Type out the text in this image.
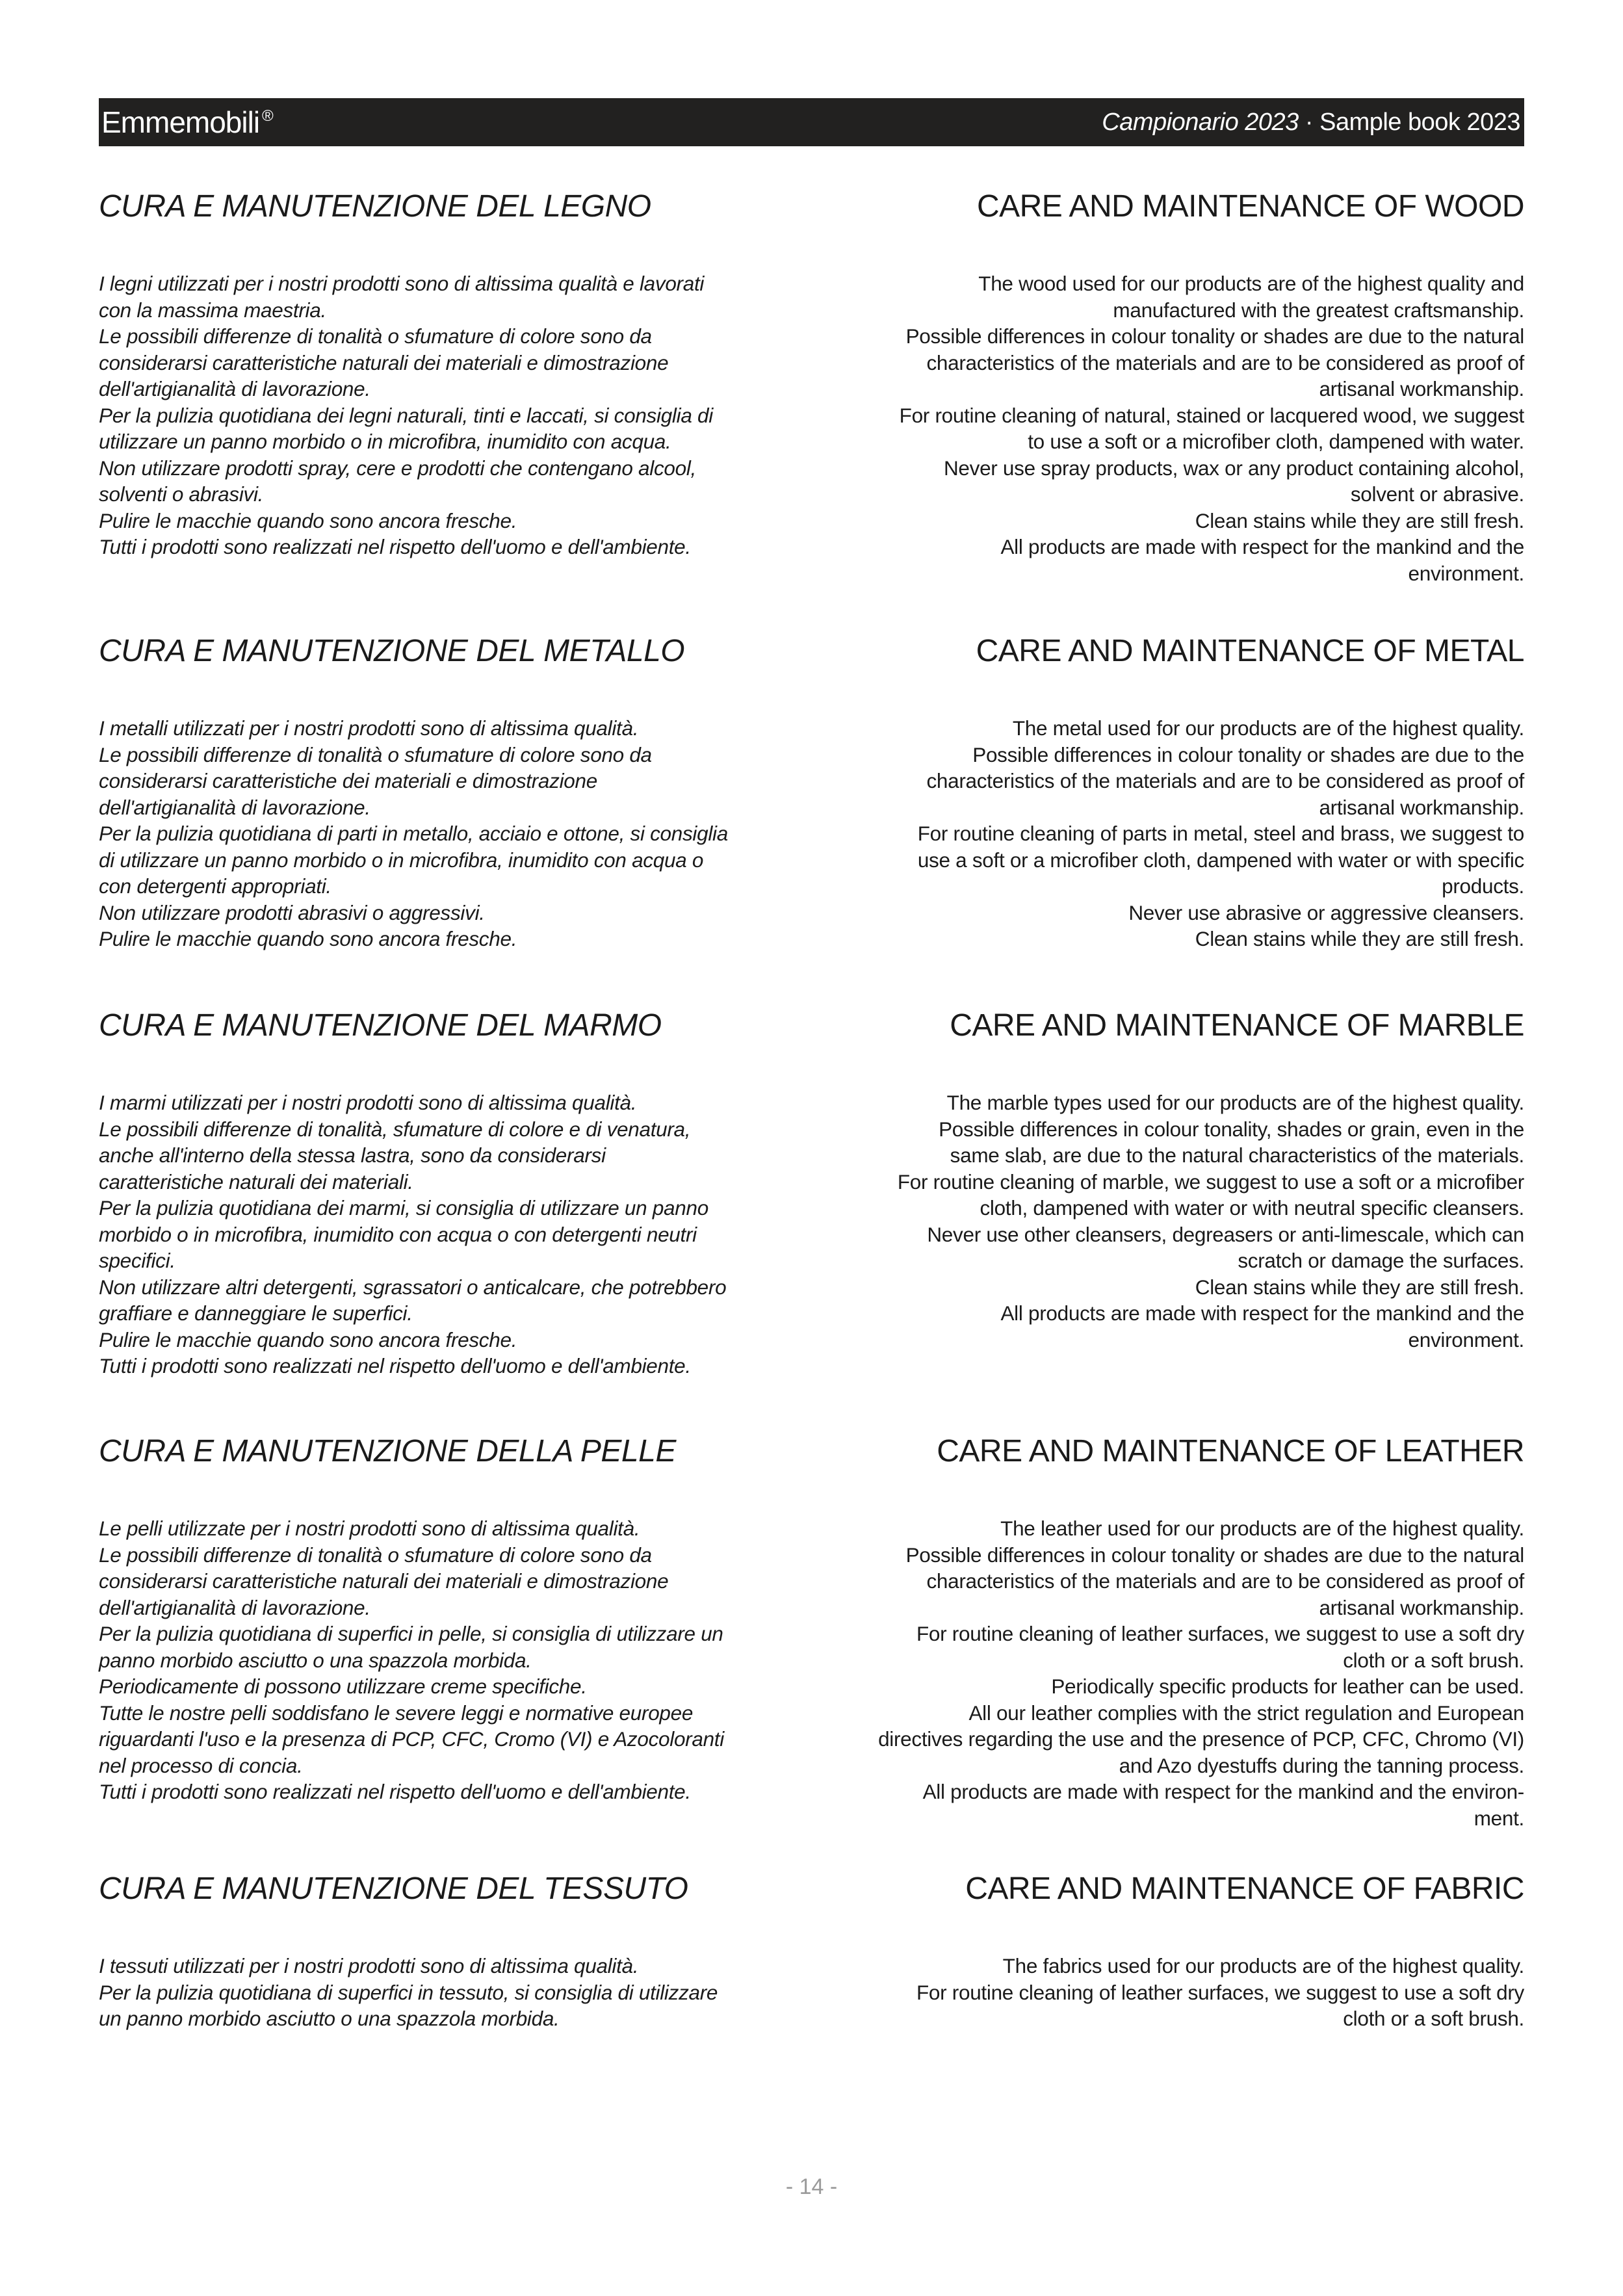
Emmemobili ®	Campionario 2023 · Sample book 2023
CURA E MANUTENZIONE DEL LEGNO	CARE AND MAINTENANCE OF WOOD
I legni utilizzati per i nostri prodotti sono di altissima qualità e lavorati
con la massima maestria.
Le possibili differenze di tonalità o sfumature di colore sono da
considerarsi caratteristiche naturali dei materiali e dimostrazione
dell'artigianalità di lavorazione.
Per la pulizia quotidiana dei legni naturali, tinti e laccati, si consiglia di
utilizzare un panno morbido o in microfibra, inumidito con acqua.
Non utilizzare prodotti spray, cere e prodotti che contengano alcool,
solventi o abrasivi.
Pulire le macchie quando sono ancora fresche.
Tutti i prodotti sono realizzati nel rispetto dell'uomo e dell'ambiente.
The wood used for our products are of the highest quality and
manufactured with the greatest craftsmanship.
Possible differences in colour tonality or shades are due to the natural
characteristics of the materials and are to be considered as proof of
artisanal workmanship.
For routine cleaning of natural, stained or lacquered wood, we suggest
to use a soft or a microfiber cloth, dampened with water.
Never use spray products, wax or any product containing alcohol,
solvent or abrasive.
Clean stains while they are still fresh.
All products are made with respect for the mankind and the
environment.
CURA E MANUTENZIONE DEL METALLO	CARE AND MAINTENANCE OF METAL
I metalli utilizzati per i nostri prodotti sono di altissima qualità.
Le possibili differenze di tonalità o sfumature di colore sono da
considerarsi caratteristiche dei materiali e dimostrazione
dell'artigianalità di lavorazione.
Per la pulizia quotidiana di parti in metallo, acciaio e ottone, si consiglia
di utilizzare un panno morbido o in microfibra, inumidito con acqua o
con detergenti appropriati.
Non utilizzare prodotti abrasivi o aggressivi.
Pulire le macchie quando sono ancora fresche.
The metal used for our products are of the highest quality.
Possible differences in colour tonality or shades are due to the
characteristics of the materials and are to be considered as proof of
artisanal workmanship.
For routine cleaning of parts in metal, steel and brass, we suggest to
use a soft or a microfiber cloth, dampened with water or with specific
products.
Never use abrasive or aggressive cleansers.
Clean stains while they are still fresh.
CURA E MANUTENZIONE DEL MARMO	CARE AND MAINTENANCE OF MARBLE
I marmi utilizzati per i nostri prodotti sono di altissima qualità.
Le possibili differenze di tonalità, sfumature di colore e di venatura,
anche all'interno della stessa lastra, sono da considerarsi
caratteristiche naturali dei materiali.
Per la pulizia quotidiana dei marmi, si consiglia di utilizzare un panno
morbido o in microfibra, inumidito con acqua o con detergenti neutri
specifici.
Non utilizzare altri detergenti, sgrassatori o anticalcare, che potrebbero
graffiare e danneggiare le superfici.
Pulire le macchie quando sono ancora fresche.
Tutti i prodotti sono realizzati nel rispetto dell'uomo e dell'ambiente.
The marble types used for our products are of the highest quality.
Possible differences in colour tonality, shades or grain, even in the
same slab, are due to the natural characteristics of the materials.
For routine cleaning of marble, we suggest to use a soft or a microfiber
cloth, dampened with water or with neutral specific cleansers.
Never use other cleansers, degreasers or anti-limescale, which can
scratch or damage the surfaces.
Clean stains while they are still fresh.
All products are made with respect for the mankind and the
environment.
CURA E MANUTENZIONE DELLA PELLE	CARE AND MAINTENANCE OF LEATHER
Le pelli utilizzate per i nostri prodotti sono di altissima qualità.
Le possibili differenze di tonalità o sfumature di colore sono da
considerarsi caratteristiche naturali dei materiali e dimostrazione
dell'artigianalità di lavorazione.
Per la pulizia quotidiana di superfici in pelle, si consiglia di utilizzare un
panno morbido asciutto o una spazzola morbida.
Periodicamente di possono utilizzare creme specifiche.
Tutte le nostre pelli soddisfano le severe leggi e normative europee
riguardanti l'uso e la presenza di PCP, CFC, Cromo (VI) e Azocoloranti
nel processo di concia.
Tutti i prodotti sono realizzati nel rispetto dell'uomo e dell'ambiente.
The leather used for our products are of the highest quality.
Possible differences in colour tonality or shades are due to the natural
characteristics of the materials and are to be considered as proof of
artisanal workmanship.
For routine cleaning of leather surfaces, we suggest to use a soft dry
cloth or a soft brush.
Periodically specific products for leather can be used.
All our leather complies with the strict regulation and European
directives regarding the use and the presence of PCP, CFC, Chromo (VI)
and Azo dyestuffs during the tanning process.
All products are made with respect for the mankind and the environ-
ment.
CURA E MANUTENZIONE DEL TESSUTO	CARE AND MAINTENANCE OF FABRIC
I tessuti utilizzati per i nostri prodotti sono di altissima qualità.
Per la pulizia quotidiana di superfici in tessuto, si consiglia di utilizzare
un panno morbido asciutto o una spazzola morbida.
The fabrics used for our products are of the highest quality.
For routine cleaning of leather surfaces, we suggest to use a soft dry
cloth or a soft brush.
- 14 -
